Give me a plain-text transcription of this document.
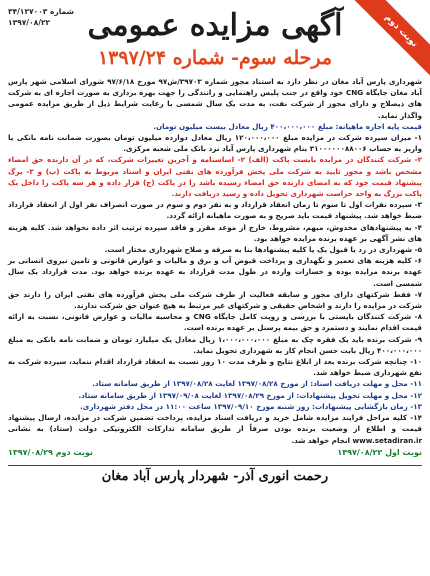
نوبت دوم
شماره ۳۴/۱۲۷۰۰۳
۱۳۹۷/۰۸/۲۲	آگهی مزایده عمومی
مرحله سوم- شماره ۱۳۹۷/۲۴

شهرداری پارس آباد مغان در نظر دارد به استناد مجوز شماره ۳۹۷۰۳/ش۹۷ مورخ ۹۷/۶/۱۸ شورای اسلامی شهر پارس آباد مغان جایگاه CNG خود واقع در جنب پلیس راهنمایی و رانندگی را جهت بهره برداری به صورت اجاره ای به شرکت های ذیصلاح و دارای مجوز از شرکت نفت، به مدت یک سال شمسی با رعایت شرایط ذیل از طریق مزایده عمومی واگذار نماید.

قیمت پایه اجاره ماهیانه: مبلغ ۴۰۰،۰۰۰،۰۰۰ ریال معادل بیست میلیون تومان.

۱- میزان سپرده شرکت در مزایده مبلغ ۱۲۰،۰۰۰،۰۰۰ ریال معادل دوازده میلیون تومان بصورت ضمانت نامه بانکی یا واریز به حساب ۳۱۰۰۰۰۰۰۸۸۰۰۶ بنام شهرداری پارس آباد نزد بانک ملی شعبه مرکزی.

۲- شرکت کنندگان در مزایده بایست پاکت (الف) ۲- اساسنامه و آخرین تغییرات شرکت، که در آن دارنده حق امضاء مشخص باشد و مجوز تایید به شرکت ملی پخش فرآورده های نفتی ایران و اسناد مربوط به پاکت (ب) و ۳- برگ پیشنهاد قیمت خود که به امضای دارنده حق امضاء رسیده باشد را در پاکت (ج) قرار داده و هر سه پاکت را داخل یک پاکت بزرگ به واحد حراست شهرداری تحویل داده و رسید دریافت دارند.

۳- سپرده نفرات اول تا سوم تا زمان انعقاد قرارداد و به نفر دوم و سوم در صورت انصراف نفر اول از انعقاد قرارداد ضبط خواهد شد. پیشنهاد قیمت باید صریح و به صورت ماهیانه ارائه گردد.

۴- به پیشنهادهای مخدوش، مبهم، مشروط، خارج از موعد مقرر و فاقد سپرده ترتیب اثر داده نخواهد شد. کلیه هزینه های نشر آگهی بر عهده برنده مزایده خواهد بود.

۵- شهرداری در رد یا قبول یک یا کلیه پیشنهادها بنا به صرفه و صلاح شهرداری مختار است.

۶- کلیه هزینه های تعمیر و نگهداری و پرداخت قبوض آب و برق و مالیات و عوارض قانونی و تامین نیروی انسانی بر عهده برنده مزایده بوده و خسارات وارده در طول مدت قرارداد به عهده برنده خواهد بود. مدت قرارداد یک سال شمسی است.

۷- فقط شرکتهای دارای مجوز و سابقه فعالیت از طرف شرکت ملی پخش فرآورده های نفتی ایران را دارند حق شرکت در مزایده را دارند و اشخاص حقیقی و شرکتهای غیر مرتبط به هیچ عنوان حق شرکت ندارند.

۸- شرکت کنندگان بایستی با بررسی و رویت کامل جایگاه CNG و محاسبه مالیات و عوارض قانونی، نسبت به ارائه قیمت اقدام نمایند و دستمزد و حق بیمه پرسنل بر عهده برنده است.

۹- شرکت برنده باید یک فقره چک به مبلغ ۱،۰۰۰،۰۰۰،۰۰۰ ریال معادل یک میلیارد تومان و ضمانت نامه بانکی به مبلغ ۴۰۰،۰۰۰،۰۰۰ ریال بابت حسن انجام کار به شهرداری تحویل نماید.

۱۰- چنانچه شرکت برنده بعد از ابلاغ نتایج و ظرف مدت ۱۰ روز نسبت به انعقاد قرارداد اقدام ننماید، سپرده شرکت به نفع شهرداری ضبط خواهد شد.

۱۱- محل و مهلت دریافت اسناد: از مورخ ۱۳۹۷/۰۸/۲۸ لغایت ۱۳۹۷/۰۸/۲۸ از طریق سامانه ستاد.

۱۲- محل و مهلت تحویل پیشنهادات: از مورخ ۱۳۹۷/۰۸/۲۹ لغایت ۱۳۹۷/۰۹/۰۸ از طریق سامانه ستاد.

۱۳- زمان بازگشایی پیشنهادات: روز شنبه مورخ ۱۳۹۷/۰۹/۱۰ ساعت ۱۱:۰۰ در محل دفتر شهرداری.

۱۴- کلیه مراحل فرایند مزایده شامل خرید و دریافت اسناد مزایده، پرداخت تضمین شرکت در مزایده، ارسال پیشنهاد قیمت و اطلاع از وضعیت برنده بودن صرفاً از طریق سامانه تدارکات الکترونیکی دولت (ستاد) به نشانی www.setadiran.ir انجام خواهد شد.

نوبت اول ۱۳۹۷/۰۸/۲۲
نوبت دوم ۱۳۹۷/۰۸/۲۹
رحمت انوری آذر- شهردار پارس آباد مغان
